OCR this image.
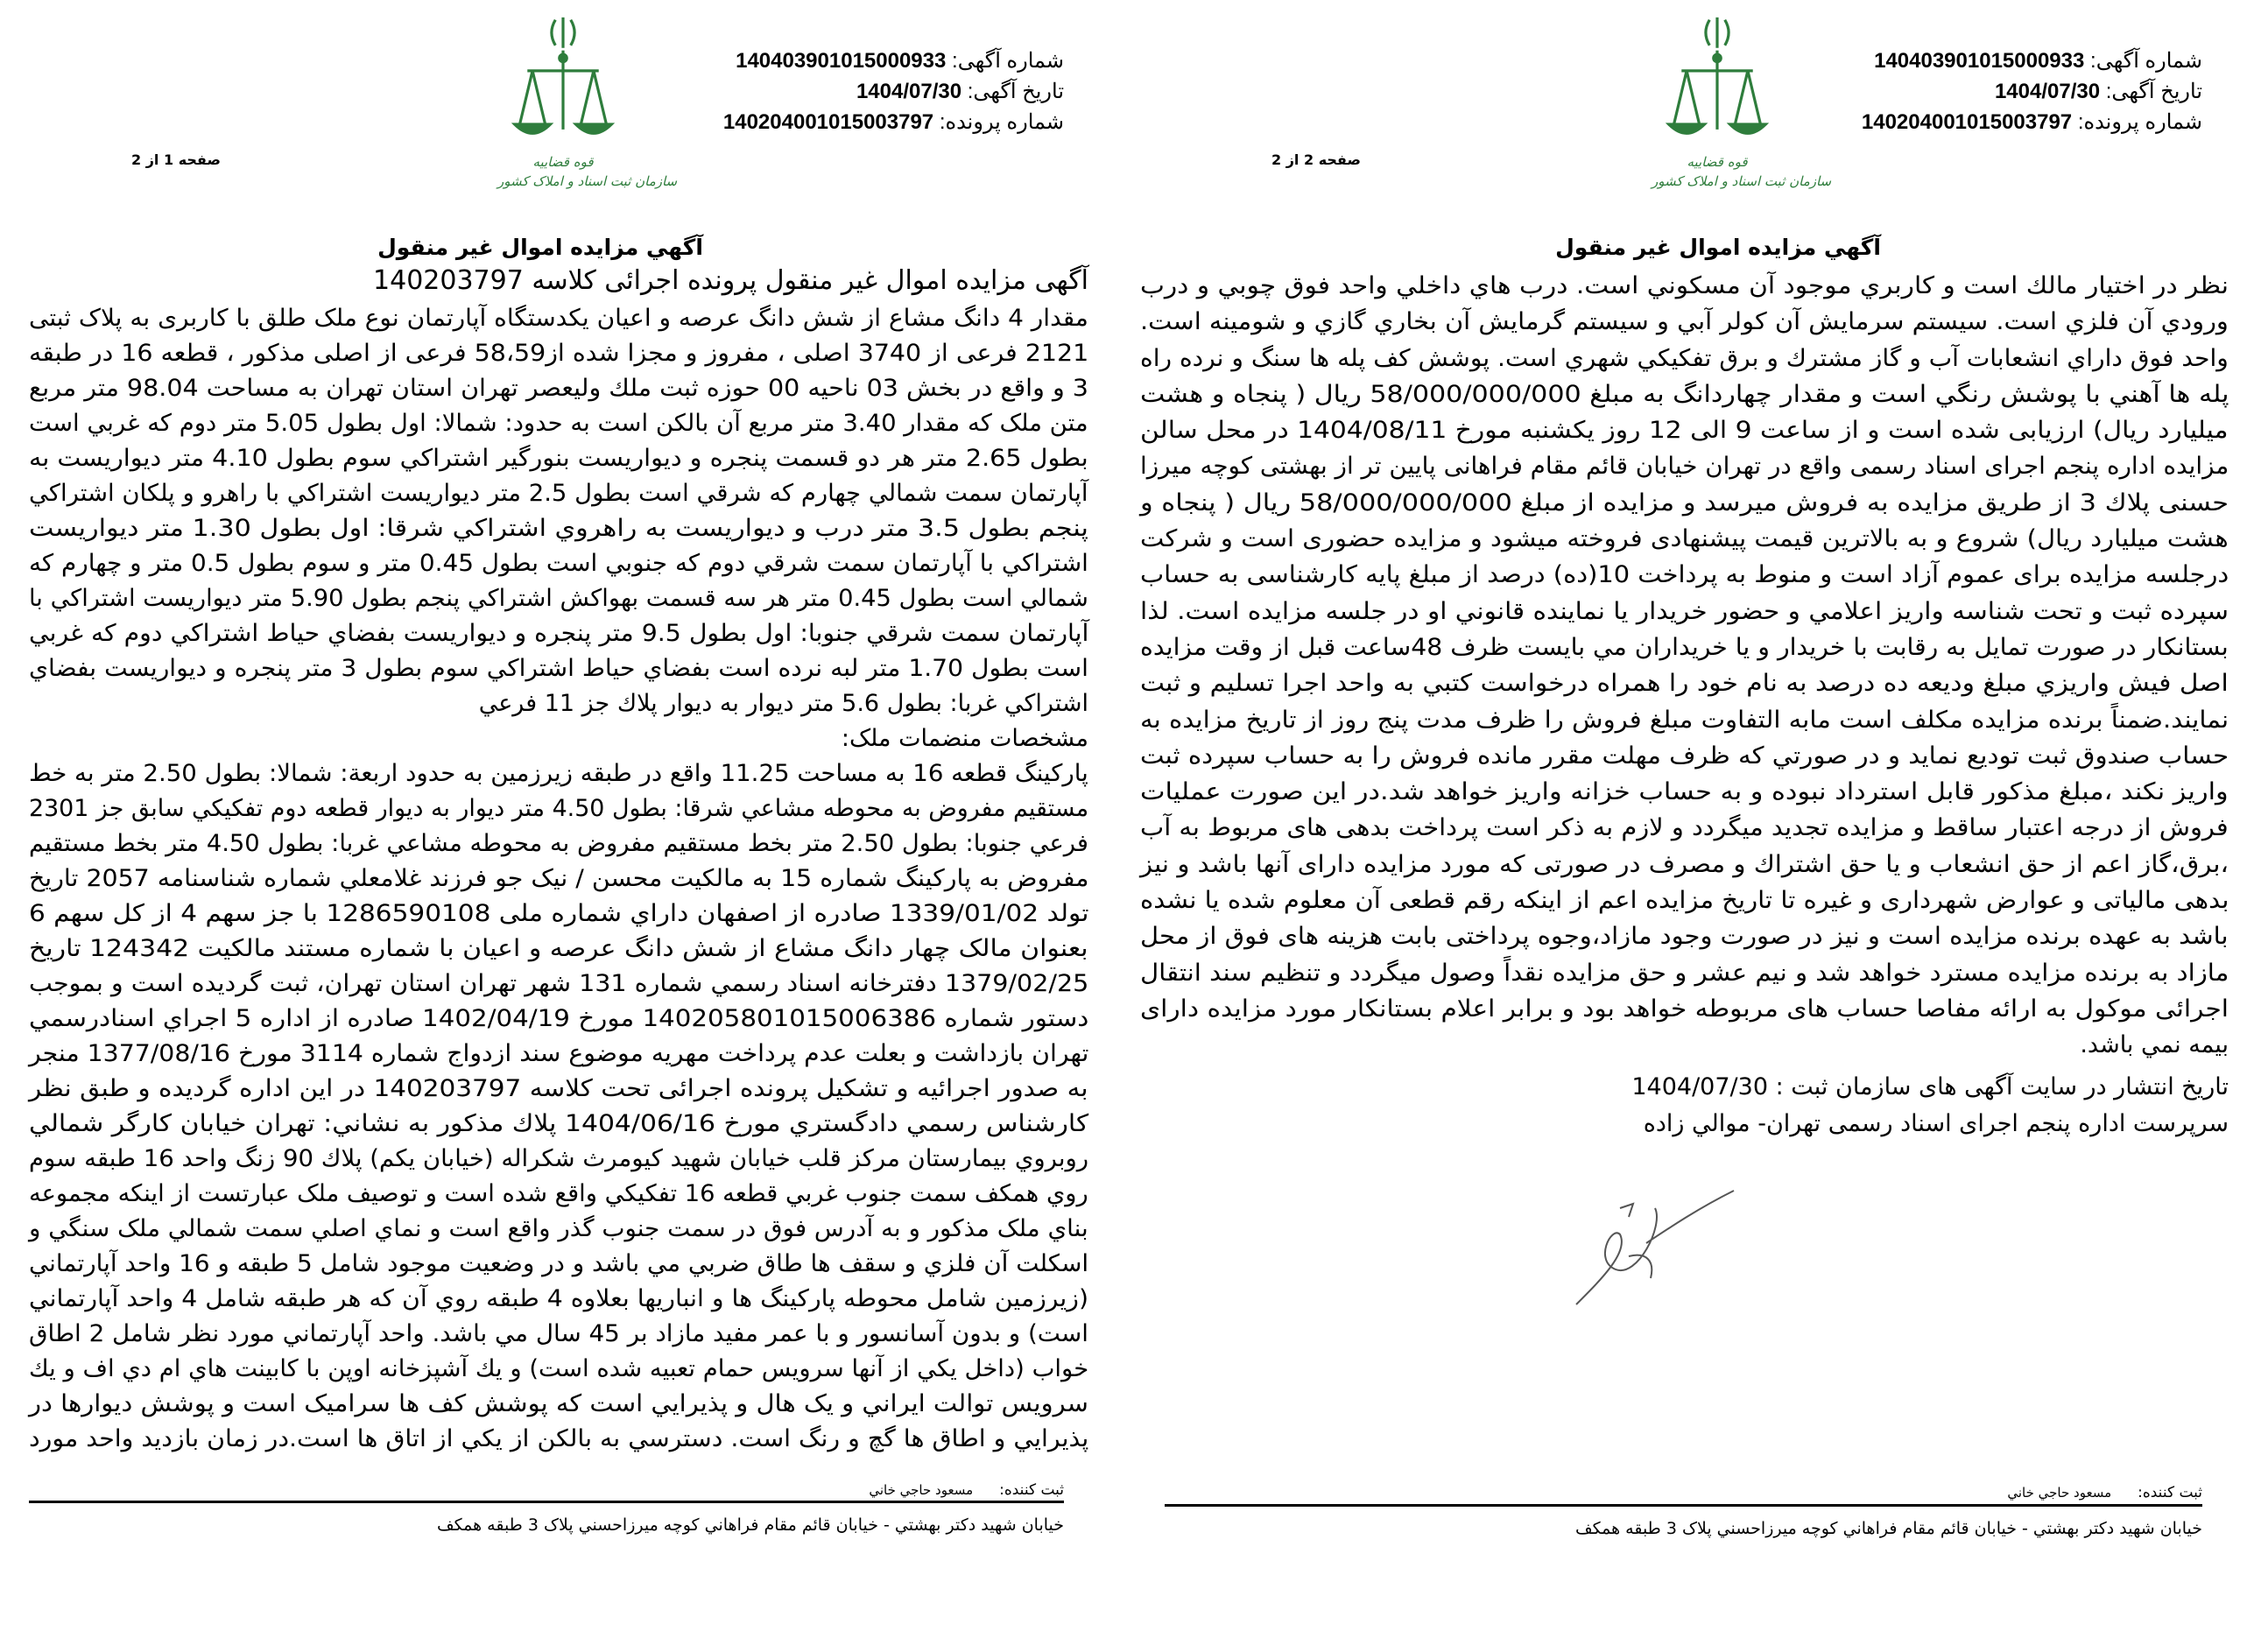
قوه قضاییه
سازمان ثبت اسناد و املاک کشور
شماره آگهی: 140403901015000933
تاریخ آگهی: 1404/07/30
شماره پرونده: 140204001015003797
صفحه 1 از 2
آگهي مزايده اموال غير منقول
آگهی مزایده اموال غیر منقول پرونده اجرائی کلاسه 140203797
مقدار 4 دانگ مشاع از شش دانگ عرصه و اعیان یکدستگاه آپارتمان نوع ملک طلق با کاربری به پلاک ثبتی
2121 فرعی از 3740 اصلی ، مفروز و مجزا شده از58،59 فرعی از اصلی مذکور ، قطعه 16 در طبقه
3 و واقع در بخش 03 ناحیه 00 حوزه ثبت ملك وليعصر تهران استان تهران به مساحت 98.04 متر مربع
متن ملک که مقدار 3.40 متر مربع آن بالکن است به حدود: شمالا: اول بطول 5.05 متر دوم که غربي است
بطول 2.65 متر هر دو قسمت پنجره و ديواريست بنورگير اشتراكي سوم بطول 4.10 متر ديواريست به
آپارتمان سمت شمالي چهارم كه شرقي است بطول 2.5 متر ديواريست اشتراكي با راهرو و پلكان اشتراكي
پنجم بطول 3.5 متر درب و ديواريست به راهروي اشتراكي شرقا: اول بطول 1.30 متر ديواريست
اشتراكي با آپارتمان سمت شرقي دوم كه جنوبي است بطول 0.45 متر و سوم بطول 0.5 متر و چهارم كه
شمالي است بطول 0.45 متر هر سه قسمت بهواكش اشتراكي پنجم بطول 5.90 متر ديواريست اشتراكي با
آپارتمان سمت شرقي جنوبا: اول بطول 9.5 متر پنجره و ديواريست بفضاي حياط اشتراكي دوم كه غربي
است بطول 1.70 متر لبه نرده است بفضاي حياط اشتراكي سوم بطول 3 متر پنجره و ديواريست بفضاي
اشتراكي غربا: بطول 5.6 متر ديوار به ديوار پلاك جز 11 فرعي
مشخصات منضمات ملک:
پاركينگ قطعه 16 به مساحت 11.25 واقع در طبقه زيرزمين به حدود اربعة: شمالا: بطول 2.50 متر به خط
مستقيم مفروض به محوطه مشاعي شرقا: بطول 4.50 متر ديوار به ديوار قطعه دوم تفكيكي سابق جز 2301
فرعي جنوبا: بطول 2.50 متر بخط مستقيم مفروض به محوطه مشاعي غربا: بطول 4.50 متر بخط مستقيم
مفروض به پاركينگ شماره 15 به مالکیت محسن / نیک جو فرزند غلامعلي شماره شناسنامه 2057 تاريخ
تولد 1339/01/02 صادره از اصفهان داراي شماره ملی 1286590108 با جز سهم 4 از کل سهم 6
بعنوان مالک چهار دانگ مشاع از شش دانگ عرصه و اعیان با شماره مستند مالکیت 124342 تاريخ
1379/02/25 دفترخانه اسناد رسمي شماره 131 شهر تهران استان تهران، ثبت گرديده است و بموجب
دستور شماره 140205801015006386 مورخ 1402/04/19 صادره از اداره 5 اجراي اسنادرسمي
تهران بازداشت و بعلت عدم پرداخت مهريه موضوع سند ازدواج شماره 3114 مورخ 1377/08/16 منجر
به صدور اجرائيه و تشكيل پرونده اجرائی تحت كلاسه 140203797 در اين اداره گرديده و طبق نظر
كارشناس رسمي دادگستري مورخ 1404/06/16 پلاك مذكور به نشاني: تهران خيابان كارگر شمالي
روبروي بيمارستان مركز قلب خيابان شهيد كيومرث شكراله (خيابان يكم) پلاك 90 زنگ واحد 16 طبقه سوم
روي همكف سمت جنوب غربي قطعه 16 تفكيكي واقع شده است و توصيف ملک عبارتست از اينكه مجموعه
بناي ملک مذكور و به آدرس فوق در سمت جنوب گذر واقع است و نماي اصلي سمت شمالي ملک سنگي و
اسكلت آن فلزي و سقف ها طاق ضربي مي باشد و در وضعيت موجود شامل 5 طبقه و 16 واحد آپارتماني
(زيرزمين شامل محوطه پاركينگ ها و انباريها بعلاوه 4 طبقه روي آن كه هر طبقه شامل 4 واحد آپارتماني
است) و بدون آسانسور و با عمر مفيد مازاد بر 45 سال مي باشد. واحد آپارتماني مورد نظر شامل 2 اطاق
خواب (داخل يكي از آنها سرويس حمام تعبيه شده است) و يك آشپزخانه اوپن با كابينت هاي ام دي اف و يك
سرويس توالت ايراني و يک هال و پذيرايي است كه پوشش كف ها سراميک است و پوشش ديوارها در
پذيرايي و اطاق ها گچ و رنگ است. دسترسي به بالكن از يكي از اتاق ها است.در زمان بازديد واحد مورد
ثبت کننده:مسعود حاجي خاني
خيابان شهيد دكتر بهشتي - خيابان قائم مقام فراهاني كوچه ميرزاحسني پلاک 3 طبقه همكف
قوه قضاییه
سازمان ثبت اسناد و املاک کشور
شماره آگهی: 140403901015000933
تاریخ آگهی: 1404/07/30
شماره پرونده: 140204001015003797
صفحه 2 از 2
آگهي مزايده اموال غير منقول
نظر در اختيار مالك است و كاربري موجود آن مسكوني است. درب هاي داخلي واحد فوق چوبي و درب
ورودي آن فلزي است. سيستم سرمايش آن كولر آبي و سيستم گرمايش آن بخاري گازي و شومينه است.
واحد فوق داراي انشعابات آب و گاز مشترك و برق تفكيكي شهري است. پوشش كف پله ها سنگ و نرده راه
پله ها آهني با پوشش رنگي است و مقدار چهاردانگ به مبلغ 58/000/000/000 ريال ( پنجاه و هشت
ميليارد ريال) ارزيابی شده است و از ساعت 9 الی 12 روز يكشنبه مورخ 1404/08/11 در محل سالن
مزايده اداره پنجم اجرای اسناد رسمی واقع در تهران خيابان قائم مقام فراهانی پايين تر از بهشتی كوچه ميرزا
حسنی پلاك 3 از طريق مزايده به فروش ميرسد و مزايده از مبلغ 58/000/000/000 ريال ( پنجاه و
هشت ميليارد ريال) شروع و به بالاترين قيمت پيشنهادی فروخته ميشود و مزايده حضوری است و شركت
درجلسه مزايده برای عموم آزاد است و منوط به پرداخت 10(ده) درصد از مبلغ پايه كارشناسی به حساب
سپرده ثبت و تحت شناسه واريز اعلامي و حضور خريدار يا نماينده قانوني او در جلسه مزايده است. لذا
بستانكار در صورت تمايل به رقابت با خريدار و يا خريداران مي بايست ظرف 48ساعت قبل از وقت مزايده
اصل فيش واريزي مبلغ وديعه ده درصد به نام خود را همراه درخواست كتبي به واحد اجرا تسليم و ثبت
نمايند.ضمناً برنده مزايده مكلف است مابه التفاوت مبلغ فروش را ظرف مدت پنج روز از تاريخ مزايده به
حساب صندوق ثبت توديع نمايد و در صورتي كه ظرف مهلت مقرر مانده فروش را به حساب سپرده ثبت
واريز نكند ،مبلغ مذكور قابل استرداد نبوده و به حساب خزانه واريز خواهد شد.در اين صورت عمليات
فروش از درجه اعتبار ساقط و مزايده تجديد ميگردد و لازم به ذكر است پرداخت بدهی های مربوط به آب
،برق،گاز اعم از حق انشعاب و يا حق اشتراك و مصرف در صورتی كه مورد مزايده دارای آنها باشد و نيز
بدهی مالياتی و عوارض شهرداری و غيره تا تاريخ مزايده اعم از اينكه رقم قطعی آن معلوم شده يا نشده
باشد به عهده برنده مزايده است و نيز در صورت وجود مازاد،وجوه پرداختی بابت هزينه های فوق از محل
مازاد به برنده مزايده مسترد خواهد شد و نيم عشر و حق مزايده نقداً وصول ميگردد و تنظيم سند انتقال
اجرائی موكول به ارائه مفاصا حساب های مربوطه خواهد بود و برابر اعلام بستانكار مورد مزايده دارای
بيمه نمي باشد.
تاريخ انتشار در سايت آگهی های سازمان ثبت : 1404/07/30
سرپرست اداره پنجم اجرای اسناد رسمی تهران- موالي زاده
ثبت کننده:مسعود حاجي خاني
خيابان شهيد دكتر بهشتي - خيابان قائم مقام فراهاني كوچه ميرزاحسني پلاک 3 طبقه همكف
